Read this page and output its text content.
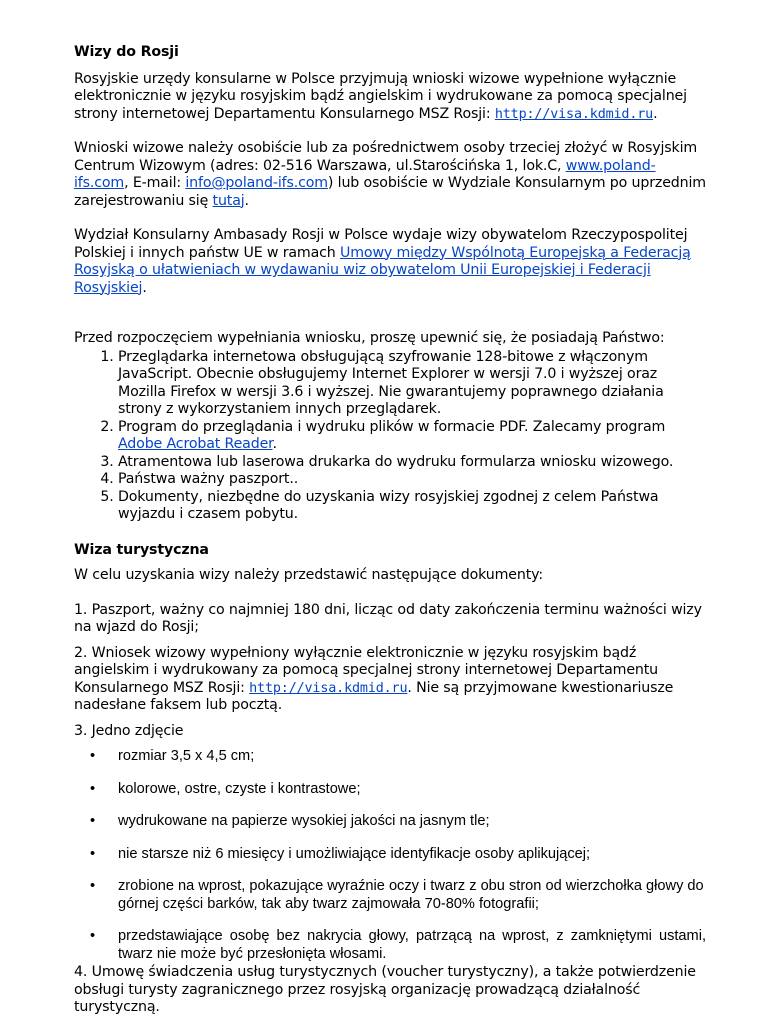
Wizy do Rosji

Rosyjskie urzędy konsularne w Polsce przyjmują wnioski wizowe wypełnione wyłącznie elektronicznie w języku rosyjskim bądź angielskim i wydrukowane za pomocą specjalnej strony internetowej Departamentu Konsularnego MSZ Rosji: http://visa.kdmid.ru.

Wnioski wizowe należy osobiście lub za pośrednictwem osoby trzeciej złożyć w Rosyjskim Centrum Wizowym (adres: 02-516 Warszawa, ul.Starościńska 1, lok.C, www.poland-ifs.com, E-mail: info@poland-ifs.com) lub osobiście w Wydziale Konsularnym po uprzednim zarejestrowaniu się tutaj.

Wydział Konsularny Ambasady Rosji w Polsce wydaje wizy obywatelom Rzeczypospolitej Polskiej i innych państw UE w ramach Umowy między Wspólnotą Europejską a Federacją Rosyjską o ułatwieniach w wydawaniu wiz obywatelom Unii Europejskiej i Federacji Rosyjskiej.

Przed rozpoczęciem wypełniania wniosku, proszę upewnić się, że posiadają Państwo:

1. Przeglądarka internetowa obsługującą szyfrowanie 128-bitowe z włączonym JavaScript. Obecnie obsługujemy Internet Explorer w wersji 7.0 i wyższej oraz Mozilla Firefox w wersji 3.6 i wyższej. Nie gwarantujemy poprawnego działania strony z wykorzystaniem innych przeglądarek.
2. Program do przeglądania i wydruku plików w formacie PDF. Zalecamy program Adobe Acrobat Reader.
3. Atramentowa lub laserowa drukarka do wydruku formularza wniosku wizowego.
4. Państwa ważny paszport..
5. Dokumenty, niezbędne do uzyskania wizy rosyjskiej zgodnej z celem Państwa wyjazdu i czasem pobytu.
Wiza turystyczna

W celu uzyskania wizy należy przedstawić następujące dokumenty:

1. Paszport, ważny co najmniej 180 dni, licząc od daty zakończenia terminu ważności wizy na wjazd do Rosji;

2. Wniosek wizowy wypełniony wyłącznie elektronicznie w języku rosyjskim bądź angielskim i wydrukowany za pomocą specjalnej strony internetowej Departamentu Konsularnego MSZ Rosji: http://visa.kdmid.ru. Nie są przyjmowane kwestionariusze nadesłane faksem lub pocztą.

3. Jedno zdjęcie

• rozmiar 3,5 x 4,5 cm;
• kolorowe, ostre, czyste i kontrastowe;
• wydrukowane na papierze wysokiej jakości na jasnym tle;
• nie starsze niż 6 miesięcy i umożliwiające identyfikacje osoby aplikującej;
• zrobione na wprost, pokazujące wyraźnie oczy i twarz z obu stron od wierzchołka głowy do górnej części barków, tak aby twarz zajmowała 70-80% fotografii;
• przedstawiające osobę bez nakrycia głowy, patrzącą na wprost, z zamkniętymi ustami, twarz nie może być przesłonięta włosami.

4. Umowę świadczenia usług turystycznych (voucher turystyczny), a także potwierdzenie obsługi turysty zagranicznego przez rosyjską organizację prowadzącą działalność turystyczną.
